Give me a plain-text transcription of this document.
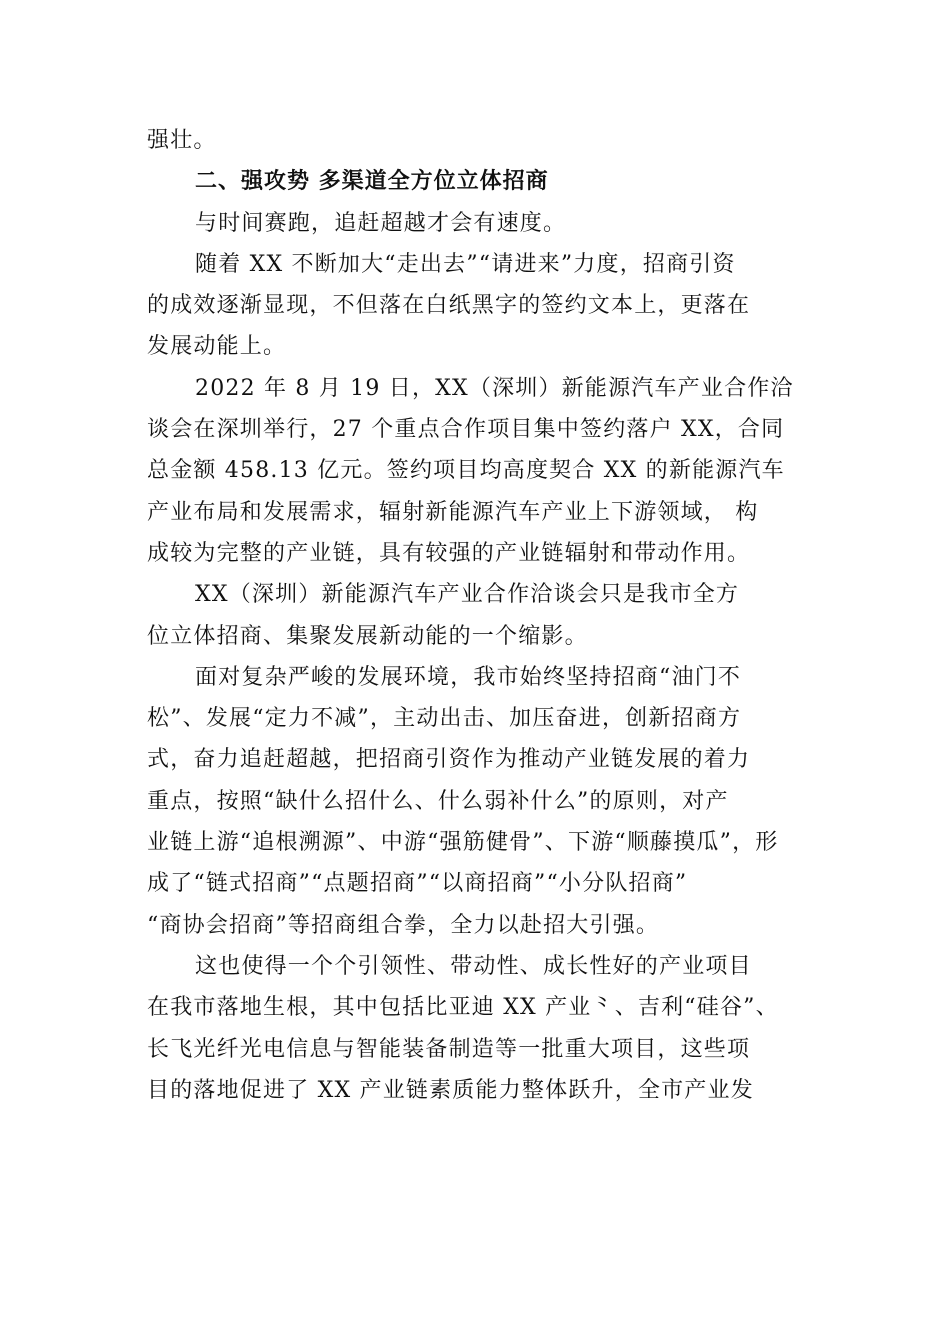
强壮。
二、强攻势 多渠道全方位立体招商
与时间赛跑，追赶超越才会有速度。
随着 XX 不断加大“走出去”“请进来”力度，招商引资
的成效逐渐显现，不但落在白纸黑字的签约文本上，更落在
发展动能上。
2022 年 8 月 19 日，XX（深圳）新能源汽车产业合作洽
谈会在深圳举行，27 个重点合作项目集中签约落户 XX，合同
总金额 458.13 亿元。签约项目均高度契合 XX 的新能源汽车
产业布局和发展需求，辐射新能源汽车产业上下游领域， 构
成较为完整的产业链，具有较强的产业链辐射和带动作用。
XX（深圳）新能源汽车产业合作洽谈会只是我市全方
位立体招商、集聚发展新动能的一个缩影。
面对复杂严峻的发展环境，我市始终坚持招商“油门不
松”、发展“定力不减”，主动出击、加压奋进，创新招商方
式，奋力追赶超越，把招商引资作为推动产业链发展的着力
重点，按照“缺什么招什么、什么弱补什么”的原则，对产
业链上游“追根溯源”、中游“强筋健骨”、下游“顺藤摸瓜”，形
成了“链式招商”“点题招商”“以商招商”“小分队招商”
“商协会招商”等招商组合拳，全力以赴招大引强。
这也使得一个个引领性、带动性、成长性好的产业项目
在我市落地生根，其中包括比亚迪 XX 产业⺀、吉利“硅谷”、
长飞光纤光电信息与智能装备制造等一批重大项目，这些项
目的落地促进了 XX 产业链素质能力整体跃升，全市产业发
